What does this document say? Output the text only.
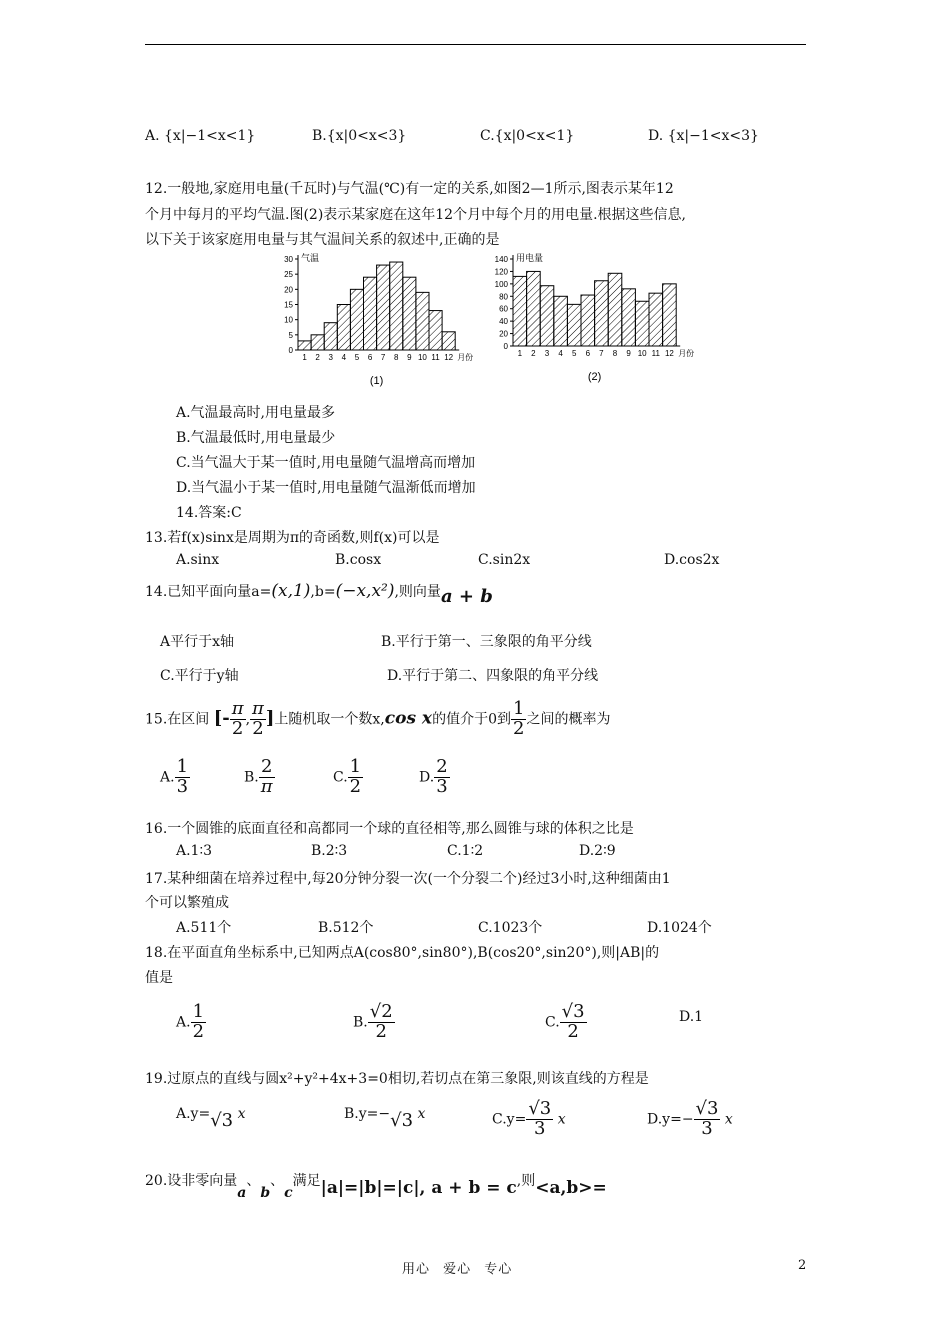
A. {x|−1<x<1}	B.{x|0<x<3}	C.{x|0<x<1}	D. {x|−1<x<3}
12.一般地,家庭用电量(千瓦时)与气温(℃)有一定的关系,如图2—1所示,图表示某年12
个月中每月的平均气温.图(2)表示某家庭在这年12个月中每个月的用电量.根据这些信息,
以下关于该家庭用电量与其气温间关系的叙述中,正确的是
0
5
10
15
20
25
30 气温
1 2 3 4 5 6 7 8 9 10 11 12 月份
(1)
0
20
40
60
80
100
120
140 用电量
1 2 3 4 5 6 7 8 9 10 11 12 月份
(2)
A.气温最高时,用电量最多
B.气温最低时,用电量最少
C.当气温大于某一值时,用电量随气温增高而增加
D.当气温小于某一值时,用电量随气温渐低而增加
14.答案:C
13.若f(x)sinx是周期为π的奇函数,则f(x)可以是
A.sinx	B.cosx	C.sin2x	D.cos2x
14.已知平面向量a=(x,1),b=(−x,x²),则向量a + b
A平行于x轴	B.平行于第一、三象限的角平分线
C.平行于y轴	D.平行于第二、四象限的角平分线
15.在区间 [- $\frac{\pi}{2}$ , $\frac{\pi}{2}$ ]上随机取一个数x,cos x的值介于0到 $\frac{1}{2}$ 之间的概率为
A. $\frac{1}{3}$	B. $\frac{2}{\pi}$	C. $\frac{1}{2}$	D. $\frac{2}{3}$
16.一个圆锥的底面直径和高都同一个球的直径相等,那么圆锥与球的体积之比是
A.1∶3	B.2∶3	C.1∶2	D.2∶9
17.某种细菌在培养过程中,每20分钟分裂一次(一个分裂二个)经过3小时,这种细菌由1
个可以繁殖成
A.511个	B.512个	C.1023个	D.1024个
18.在平面直角坐标系中,已知两点A(cos80°,sin80°),B(cos20°,sin20°),则|AB|的
值是
A. $\frac{1}{2}$	B. $\frac{√2}{2}$	C. $\frac{√3}{2}$	D.1
19.过原点的直线与圆x²+y²+4x+3=0相切,若切点在第三象限,则该直线的方程是
A.y=√3 x	B.y=−√3 x	$C.y= \frac{√3}{3}$ x	$D.y=- \frac{√3}{3}$ x
20.设非零向量a、b、c满足|a|=|b|=|c|, a + b = c,则<a,b>=
用心 爱心 专心	2
